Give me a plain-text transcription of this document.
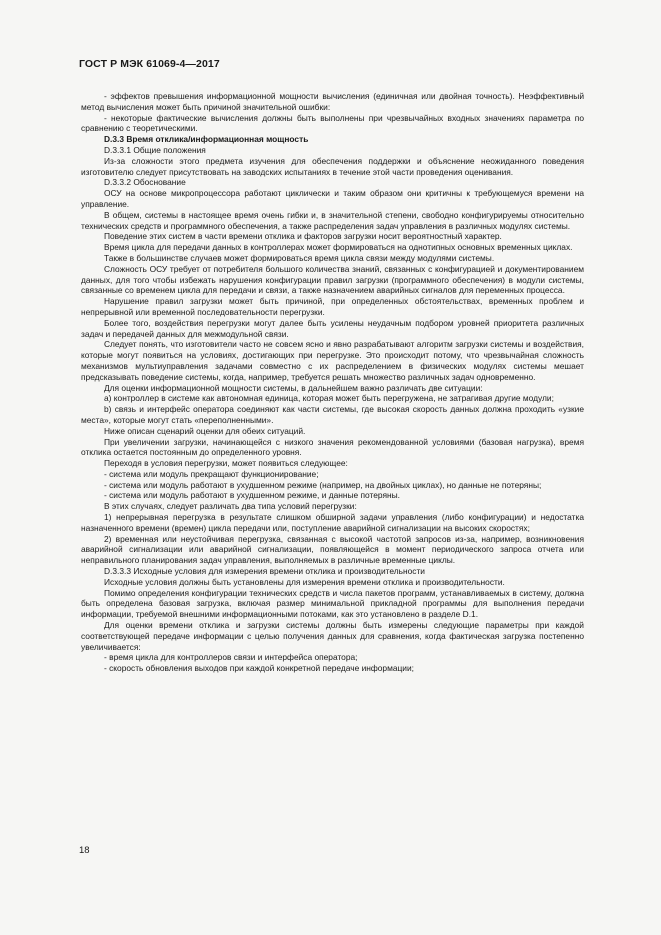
ГОСТ Р МЭК 61069-4—2017

- эффектов превышения информационной мощности вычисления (единичная или двойная точность). Неэффективный метод вычисления может быть причиной значительной ошибки:

- некоторые фактические вычисления должны быть выполнены при чрезвычайных входных значениях параметра по сравнению с теоретическими.

D.3.3 Время отклика/информационная мощность

D.3.3.1 Общие положения

Из-за сложности этого предмета изучения для обеспечения поддержки и объяснение неожиданного поведения изготовителю следует присутствовать на заводских испытаниях в течение этой части проведения оценивания.

D.3.3.2 Обоснование

ОСУ на основе микропроцессора работают циклически и таким образом они критичны к требующемуся времени на управление.

В общем, системы в настоящее время очень гибки и, в значительной степени, свободно конфигурируемы относительно технических средств и программного обеспечения, а также распределения задач управления в различных модулях системы.

Поведение этих систем в части времени отклика и факторов загрузки носит вероятностный характер.

Время цикла для передачи данных в контроллерах может формироваться на однотипных основных временных циклах.

Также в большинстве случаев может формироваться время цикла связи между модулями системы.

Сложность ОСУ требует от потребителя большого количества знаний, связанных с конфигурацией и документированием данных, для того чтобы избежать нарушения конфигурации правил загрузки (программного обеспечения) в модули системы, связанные со временем цикла для передачи и связи, а также назначением аварийных сигналов для переменных процесса.

Нарушение правил загрузки может быть причиной, при определенных обстоятельствах, временных проблем и непрерывной или временной последовательности перегрузки.

Более того, воздействия перегрузки могут далее быть усилены неудачным подбором уровней приоритета различных задач и передачей данных для межмодульной связи.

Следует понять, что изготовители часто не совсем ясно и явно разрабатывают алгоритм загрузки системы и воздействия, которые могут появиться на условиях, достигающих при перегрузке. Это происходит потому, что чрезвычайная сложность механизмов мультиуправления задачами совместно с их распределением в физических модулях системы мешает предсказывать поведение системы, когда, например, требуется решать множество различных задач одновременно.

Для оценки информационной мощности системы, в дальнейшем важно различать две ситуации:

а) контроллер в системе как автономная единица, которая может быть перегружена, не затрагивая другие модули;

b) связь и интерфейс оператора соединяют как части системы, где высокая скорость данных должна проходить «узкие места», которые могут стать «переполненными».

Ниже описан сценарий оценки для обеих ситуаций.

При увеличении загрузки, начинающейся с низкого значения рекомендованной условиями (базовая нагрузка), время отклика остается постоянным до определенного уровня.

Переходя в условия перегрузки, может появиться следующее:

- система или модуль прекращают функционирование;

- система или модуль работают в ухудшенном режиме (например, на двойных циклах), но данные не потеряны;

- система или модуль работают в ухудшенном режиме, и данные потеряны.

В этих случаях, следует различать два типа условий перегрузки:

1) непрерывная перегрузка в результате слишком обширной задачи управления (либо конфигурации) и недостатка назначенного времени (времен) цикла передачи или, поступление аварийной сигнализации на высоких скоростях;

2) временная или неустойчивая перегрузка, связанная с высокой частотой запросов из-за, например, возникновения аварийной сигнализации или аварийной сигнализации, появляющейся в момент периодического запроса отчета или неправильного планирования задач управления, выполняемых в различные временные циклы.

D.3.3.3 Исходные условия для измерения времени отклика и производительности

Исходные условия должны быть установлены для измерения времени отклика и производительности.

Помимо определения конфигурации технических средств и числа пакетов программ, устанавливаемых в систему, должна быть определена базовая загрузка, включая размер минимальной прикладной программы для выполнения передачи информации, требуемой внешними информационными потоками, как это установлено в разделе D.1.

Для оценки времени отклика и загрузки системы должны быть измерены следующие параметры при каждой соответствующей передаче информации с целью получения данных для сравнения, когда фактическая загрузка постепенно увеличивается:

- время цикла для контроллеров связи и интерфейса оператора;

- скорость обновления выходов при каждой конкретной передаче информации;

18
